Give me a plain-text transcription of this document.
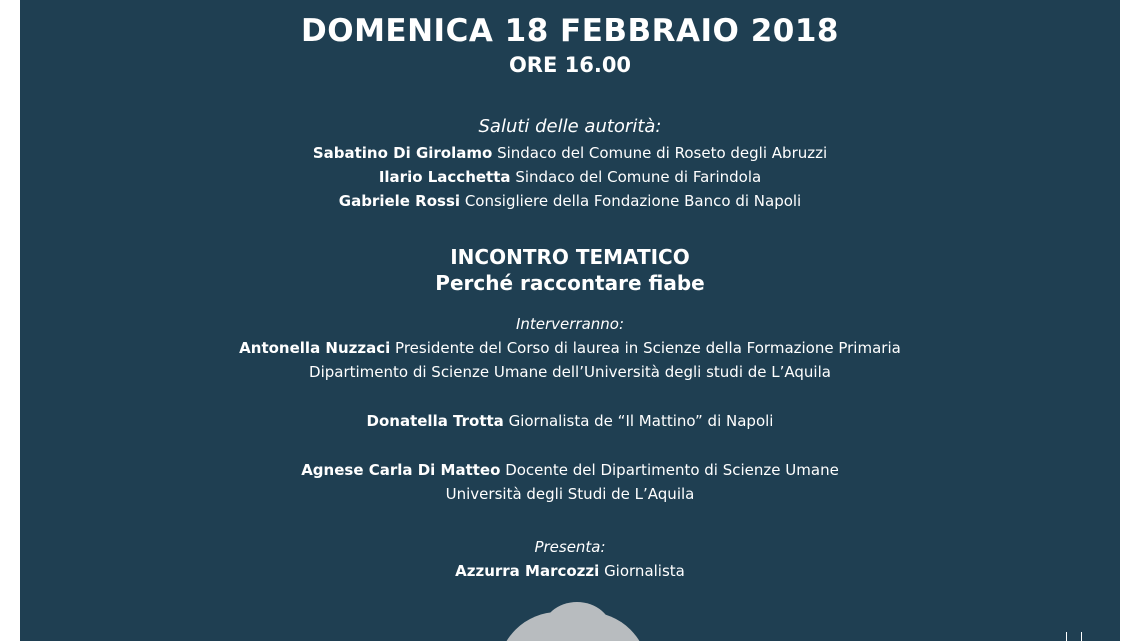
DOMENICA 18 FEBBRAIO 2018
ORE 16.00
Saluti delle autorità:
Sabatino Di Girolamo Sindaco del Comune di Roseto degli Abruzzi
Ilario Lacchetta Sindaco del Comune di Farindola
Gabriele Rossi Consigliere della Fondazione Banco di Napoli
INCONTRO TEMATICO
Perché raccontare fiabe
Interverranno:
Antonella Nuzzaci Presidente del Corso di laurea in Scienze della Formazione Primaria
Dipartimento di Scienze Umane dell’Università degli studi de L’Aquila
Donatella Trotta Giornalista de “Il Mattino” di Napoli
Agnese Carla Di Matteo Docente del Dipartimento di Scienze Umane
Università degli Studi de L’Aquila
Presenta:
Azzurra Marcozzi Giornalista
